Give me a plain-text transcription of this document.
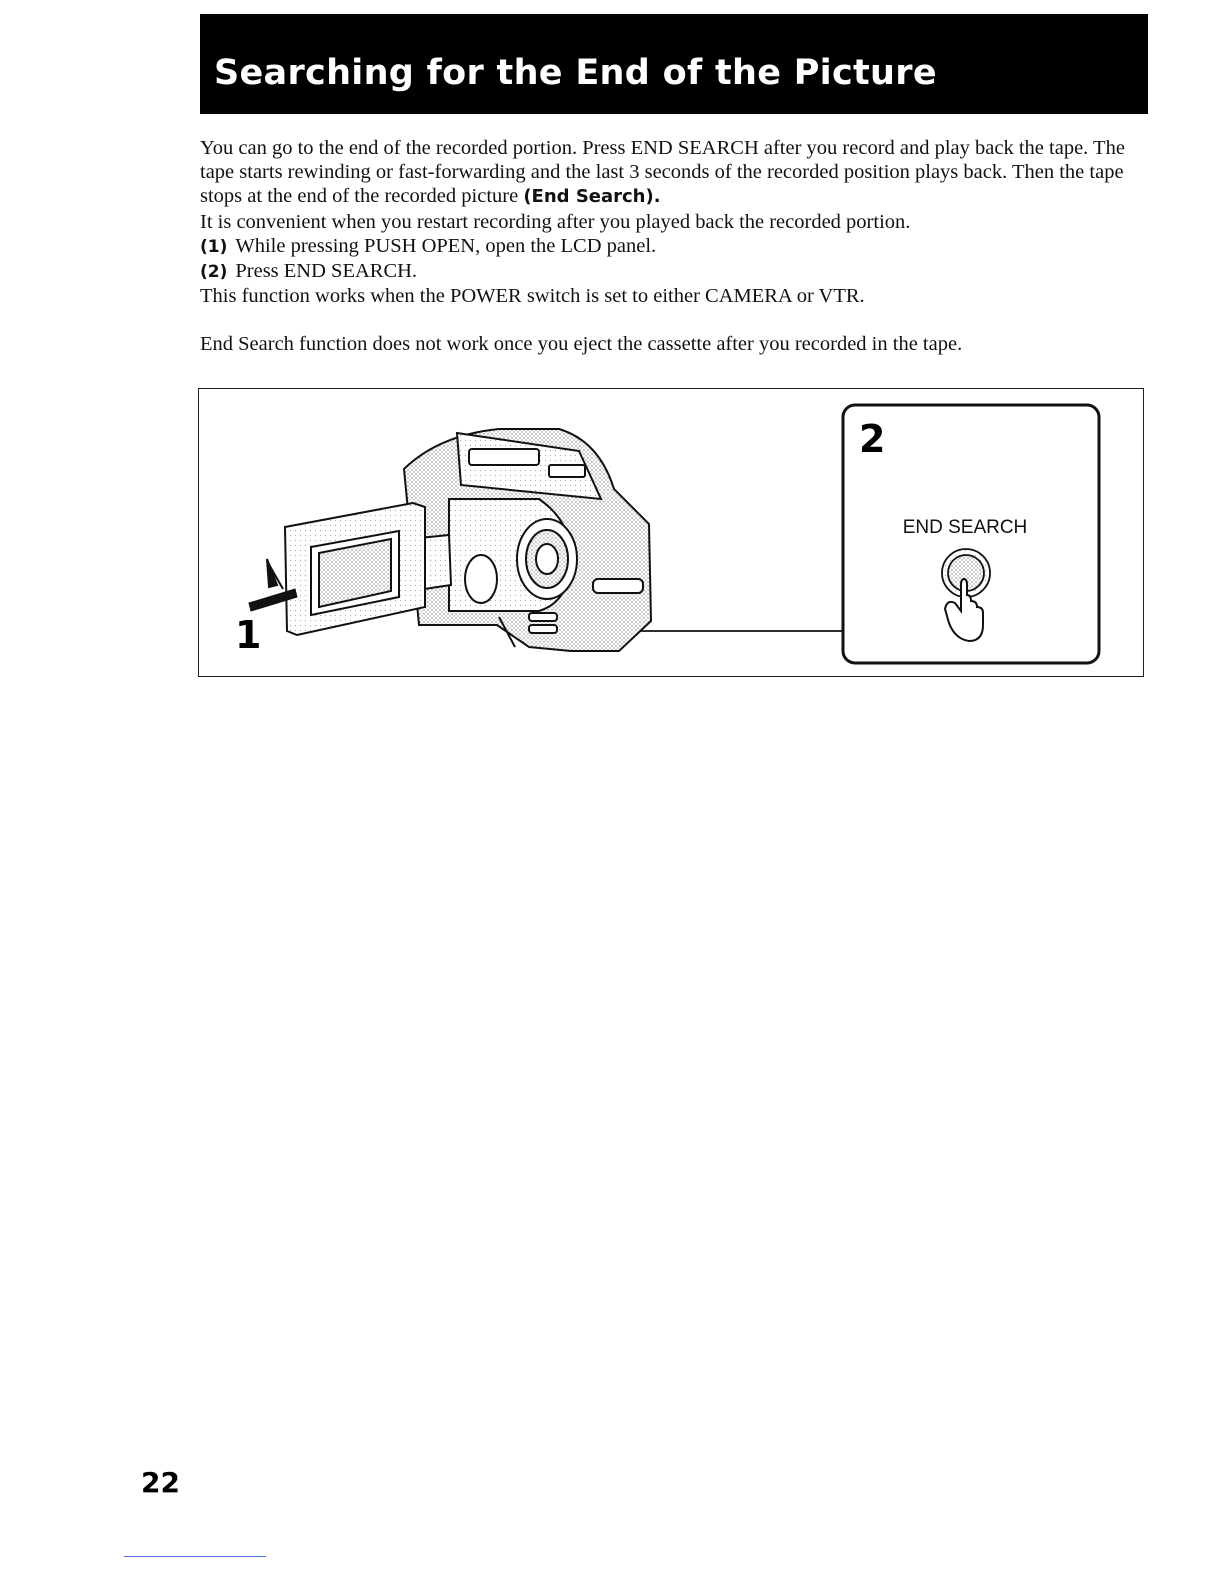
Searching for the End of the Picture

You can go to the end of the recorded portion. Press END SEARCH after you record and play back the tape. The tape starts rewinding or fast-forwarding and the last 3 seconds of the recorded position plays back. Then the tape stops at the end of the recorded picture (End Search).

It is convenient when you restart recording after you played back the recorded portion.

(1) While pressing PUSH OPEN, open the LCD panel.

(2) Press END SEARCH.

This function works when the POWER switch is set to either CAMERA or VTR.

End Search function does not work once you eject the cassette after you recorded in the tape.

1
2
END SEARCH
22
